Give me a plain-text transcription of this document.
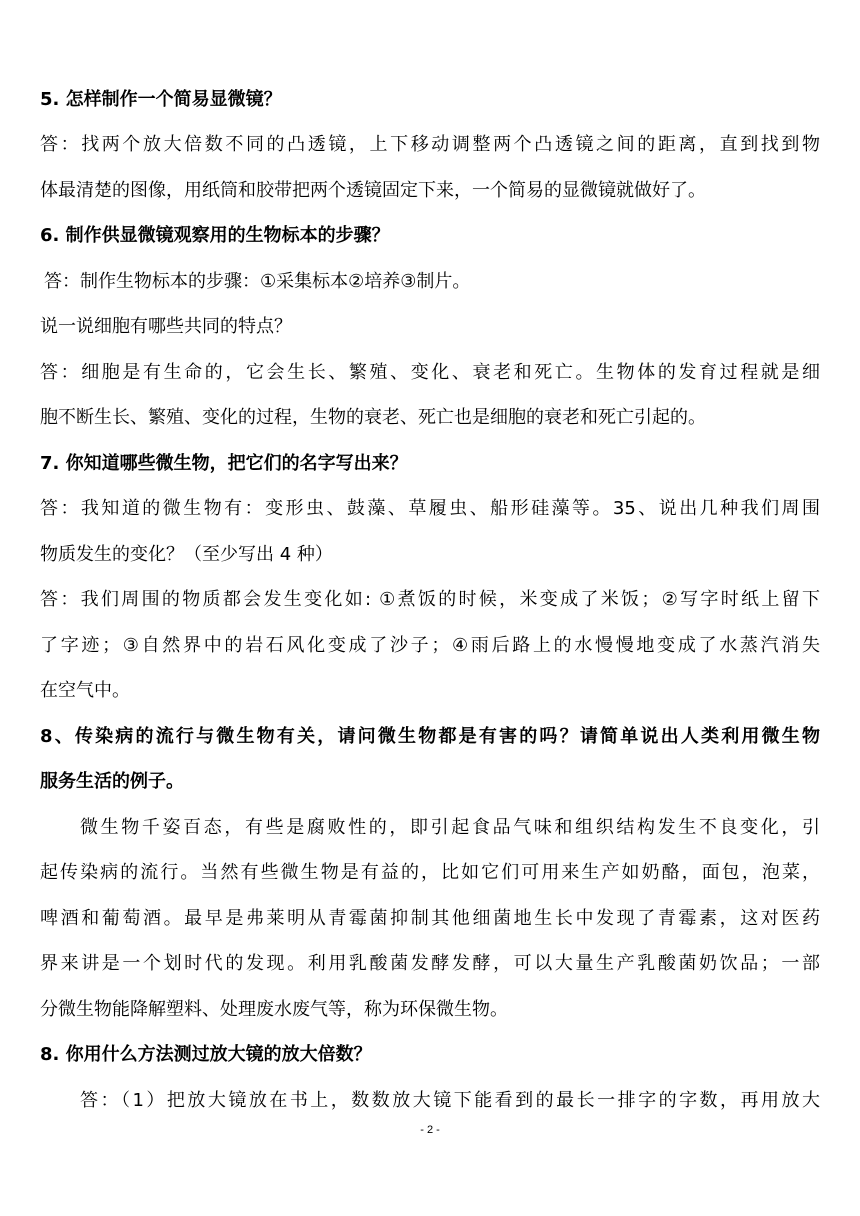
5. 怎样制作一个简易显微镜？
答：找两个放大倍数不同的凸透镜，上下移动调整两个凸透镜之间的距离，直到找到物
体最清楚的图像，用纸筒和胶带把两个透镜固定下来，一个简易的显微镜就做好了。
6. 制作供显微镜观察用的生物标本的步骤？
答：制作生物标本的步骤：①采集标本②培养③制片。
说一说细胞有哪些共同的特点？
答：细胞是有生命的，它会生长、繁殖、变化、衰老和死亡。生物体的发育过程就是细
胞不断生长、繁殖、变化的过程，生物的衰老、死亡也是细胞的衰老和死亡引起的。
7. 你知道哪些微生物，把它们的名字写出来？
答：我知道的微生物有：变形虫、鼓藻、草履虫、船形硅藻等。35、说出几种我们周围
物质发生的变化？（至少写出 4 种）
答：我们周围的物质都会发生变化如: ①煮饭的时候，米变成了米饭；②写字时纸上留下
了字迹；③自然界中的岩石风化变成了沙子；④雨后路上的水慢慢地变成了水蒸汽消失
在空气中。
8、传染病的流行与微生物有关，请问微生物都是有害的吗？请简单说出人类利用微生物
服务生活的例子。
微生物千姿百态，有些是腐败性的，即引起食品气味和组织结构发生不良变化，引
起传染病的流行。当然有些微生物是有益的，比如它们可用来生产如奶酪，面包，泡菜，
啤酒和葡萄酒。最早是弗莱明从青霉菌抑制其他细菌地生长中发现了青霉素，这对医药
界来讲是一个划时代的发现。利用乳酸菌发酵发酵，可以大量生产乳酸菌奶饮品；一部
分微生物能降解塑料、处理废水废气等，称为环保微生物。
8. 你用什么方法测过放大镜的放大倍数？
答：（1）把放大镜放在书上，数数放大镜下能看到的最长一排字的字数，再用放大
- 2 -
